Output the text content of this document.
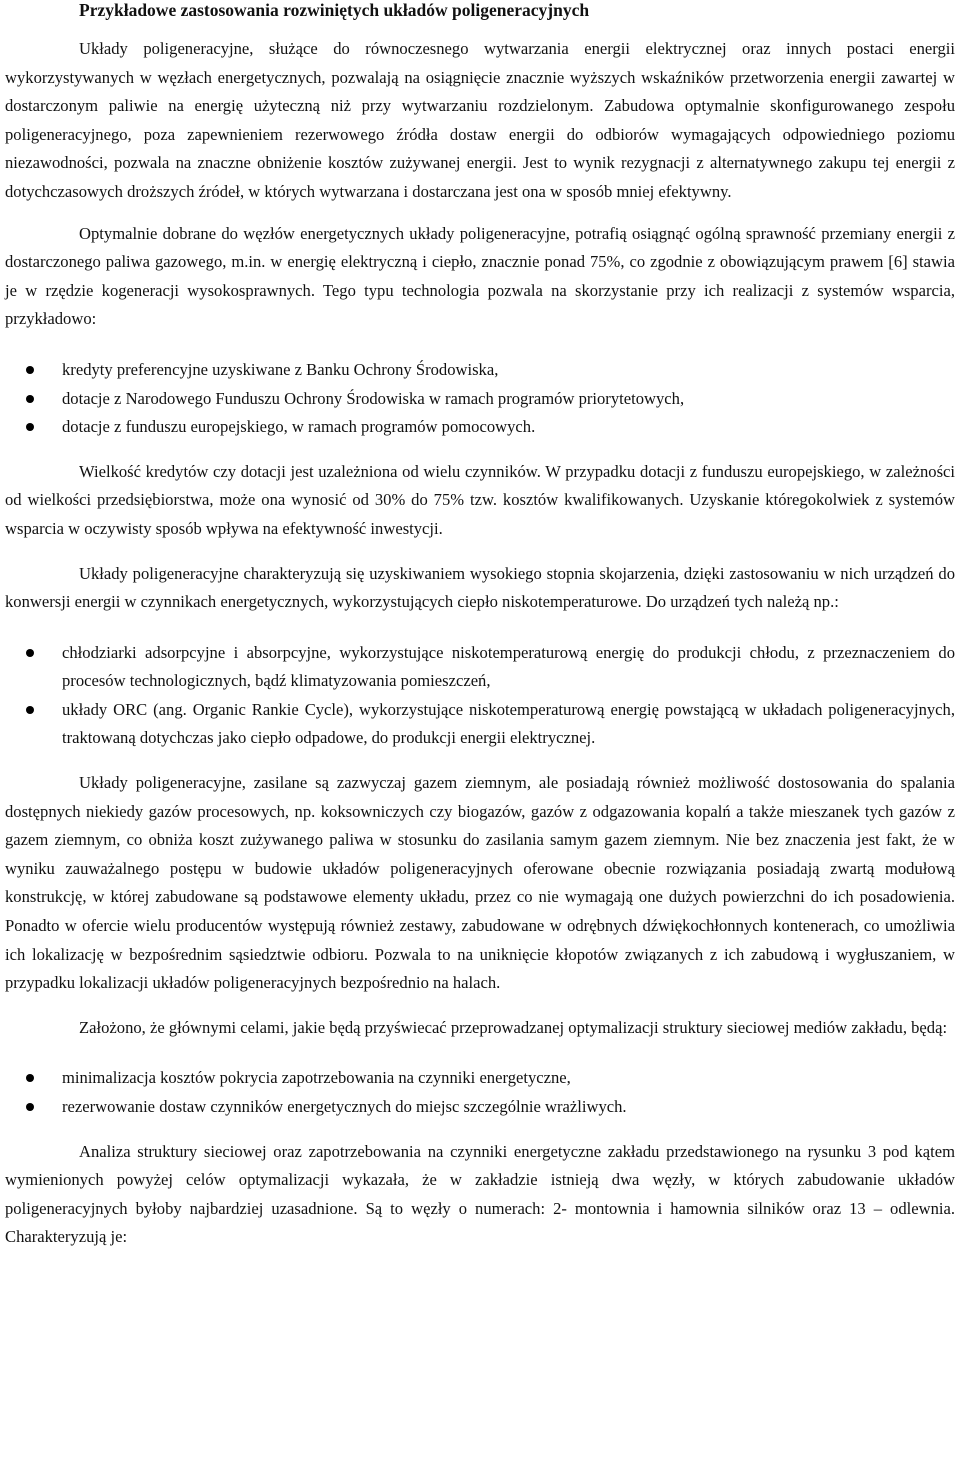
Przykładowe zastosowania rozwiniętych układów poligeneracyjnych

Układy poligeneracyjne, służące do równoczesnego wytwarzania energii elektrycznej oraz innych postaci energii wykorzystywanych w węzłach energetycznych, pozwalają na osiągnięcie znacznie wyższych wskaźników przetworzenia energii zawartej w dostarczonym paliwie na energię użyteczną niż przy wytwarzaniu rozdzielonym. Zabudowa optymalnie skonfigurowanego zespołu poligeneracyjnego, poza zapewnieniem rezerwowego źródła dostaw energii do odbiorów wymagających odpowiedniego poziomu niezawodności, pozwala na znaczne obniżenie kosztów zużywanej energii. Jest to wynik rezygnacji z alternatywnego zakupu tej energii z dotychczasowych droższych źródeł, w których wytwarzana i dostarczana jest ona w sposób mniej efektywny.

Optymalnie dobrane do węzłów energetycznych układy poligeneracyjne, potrafią osiągnąć ogólną sprawność przemiany energii z dostarczonego paliwa gazowego, m.in. w energię elektryczną i ciepło, znacznie ponad 75%, co zgodnie z obowiązującym prawem [6] stawia je w rzędzie kogeneracji wysokosprawnych. Tego typu technologia pozwala na skorzystanie przy ich realizacji z systemów wsparcia, przykładowo:

kredyty preferencyjne uzyskiwane z Banku Ochrony Środowiska,
dotacje z Narodowego Funduszu Ochrony Środowiska w ramach programów priorytetowych,
dotacje z funduszu europejskiego, w ramach programów pomocowych.

Wielkość kredytów czy dotacji jest uzależniona od wielu czynników. W przypadku dotacji z funduszu europejskiego, w zależności od wielkości przedsiębiorstwa, może ona wynosić od 30% do 75% tzw. kosztów kwalifikowanych. Uzyskanie któregokolwiek z systemów wsparcia w oczywisty sposób wpływa na efektywność inwestycji.

Układy poligeneracyjne charakteryzują się uzyskiwaniem wysokiego stopnia skojarzenia, dzięki zastosowaniu w nich urządzeń do konwersji energii w czynnikach energetycznych, wykorzystujących ciepło niskotemperaturowe. Do urządzeń tych należą np.:

chłodziarki adsorpcyjne i absorpcyjne, wykorzystujące niskotemperaturową energię do produkcji chłodu, z przeznaczeniem do procesów technologicznych, bądź klimatyzowania pomieszczeń,
układy ORC (ang. Organic Rankie Cycle), wykorzystujące niskotemperaturową energię powstającą w układach poligeneracyjnych, traktowaną dotychczas jako ciepło odpadowe, do produkcji energii elektrycznej.

Układy poligeneracyjne, zasilane są zazwyczaj gazem ziemnym, ale posiadają również możliwość dostosowania do spalania dostępnych niekiedy gazów procesowych, np. koksowniczych czy biogazów, gazów z odgazowania kopalń a także mieszanek tych gazów z gazem ziemnym, co obniża koszt zużywanego paliwa w stosunku do zasilania samym gazem ziemnym. Nie bez znaczenia jest fakt, że w wyniku zauważalnego postępu w budowie układów poligeneracyjnych oferowane obecnie rozwiązania posiadają zwartą modułową konstrukcję, w której zabudowane są podstawowe elementy układu, przez co nie wymagają one dużych powierzchni do ich posadowienia. Ponadto w ofercie wielu producentów występują również zestawy, zabudowane w odrębnych dźwiękochłonnych kontenerach, co umożliwia ich lokalizację w bezpośrednim sąsiedztwie odbioru. Pozwala to na uniknięcie kłopotów związanych z ich zabudową i wygłuszaniem, w przypadku lokalizacji układów poligeneracyjnych bezpośrednio na halach.

Założono, że głównymi celami, jakie będą przyświecać przeprowadzanej optymalizacji struktury sieciowej mediów zakładu, będą:

minimalizacja kosztów pokrycia zapotrzebowania na czynniki energetyczne,
rezerwowanie dostaw czynników energetycznych do miejsc szczególnie wrażliwych.

Analiza struktury sieciowej oraz zapotrzebowania na czynniki energetyczne zakładu przedstawionego na rysunku 3 pod kątem wymienionych powyżej celów optymalizacji wykazała, że w zakładzie istnieją dwa węzły, w których zabudowanie układów poligeneracyjnych byłoby najbardziej uzasadnione. Są to węzły o numerach: 2- montownia i hamownia silników oraz 13 – odlewnia. Charakteryzują je:
